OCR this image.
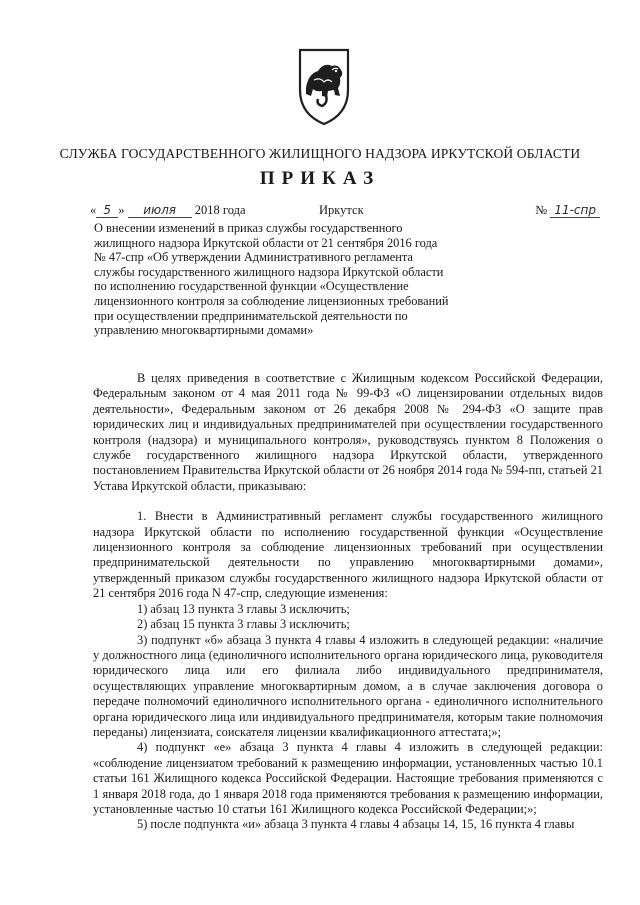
СЛУЖБА ГОСУДАРСТВЕННОГО ЖИЛИЩНОГО НАДЗОРА ИРКУТСКОЙ ОБЛАСТИ
ПРИКАЗ
« 5 » июля 2018 года	Иркутск	№ 11-спр

О внесении изменений в приказ службы государственного

жилищного надзора Иркутской области от 21 сентября 2016 года

№ 47-спр «Об утверждении Административного регламента

службы государственного жилищного надзора Иркутской области

по исполнению государственной функции «Осуществление

лицензионного контроля за соблюдение лицензионных требований

при осуществлении предпринимательской деятельности по

управлению многоквартирными домами»

В целях приведения в соответствие с Жилищным кодексом Российской Федерации, Федеральным законом от 4 мая 2011 года № 99-ФЗ «О лицензировании отдельных видов деятельности», Федеральным законом от 26 декабря 2008 № 294-ФЗ «О защите прав юридических лиц и индивидуальных предпринимателей при осуществлении государственного контроля (надзора) и муниципального контроля», руководствуясь пунктом 8 Положения о службе государственного жилищного надзора Иркутской области, утвержденного постановлением Правительства Иркутской области от 26 ноября 2014 года № 594-пп, статьей 21 Устава Иркутской области, приказываю:

1. Внести в Административный регламент службы государственного жилищного надзора Иркутской области по исполнению государственной функции «Осуществление лицензионного контроля за соблюдение лицензионных требований при осуществлении предпринимательской деятельности по управлению многоквартирными домами», утвержденный приказом службы государственного жилищного надзора Иркутской области от 21 сентября 2016 года N 47-спр, следующие изменения:

1) абзац 13 пункта 3 главы 3 исключить;

2) абзац 15 пункта 3 главы 3 исключить;

3) подпункт «б» абзаца 3 пункта 4 главы 4 изложить в следующей редакции: «наличие у должностного лица (единоличного исполнительного органа юридического лица, руководителя юридического лица или его филиала либо индивидуального предпринимателя, осуществляющих управление многоквартирным домом, а в случае заключения договора о передаче полномочий единоличного исполнительного органа - единоличного исполнительного органа юридического лица или индивидуального предпринимателя, которым такие полномочия переданы) лицензиата, соискателя лицензии квалификационного аттестата;»;

4) подпункт «е» абзаца 3 пункта 4 главы 4 изложить в следующей редакции: «соблюдение лицензиатом требований к размещению информации, установленных частью 10.1 статьи 161 Жилищного кодекса Российской Федерации. Настоящие требования применяются с 1 января 2018 года, до 1 января 2018 года применяются требования к размещению информации, установленные частью 10 статьи 161 Жилищного кодекса Российской Федерации;»;

5) после подпункта «и» абзаца 3 пункта 4 главы 4 абзацы 14, 15, 16 пункта 4 главы
